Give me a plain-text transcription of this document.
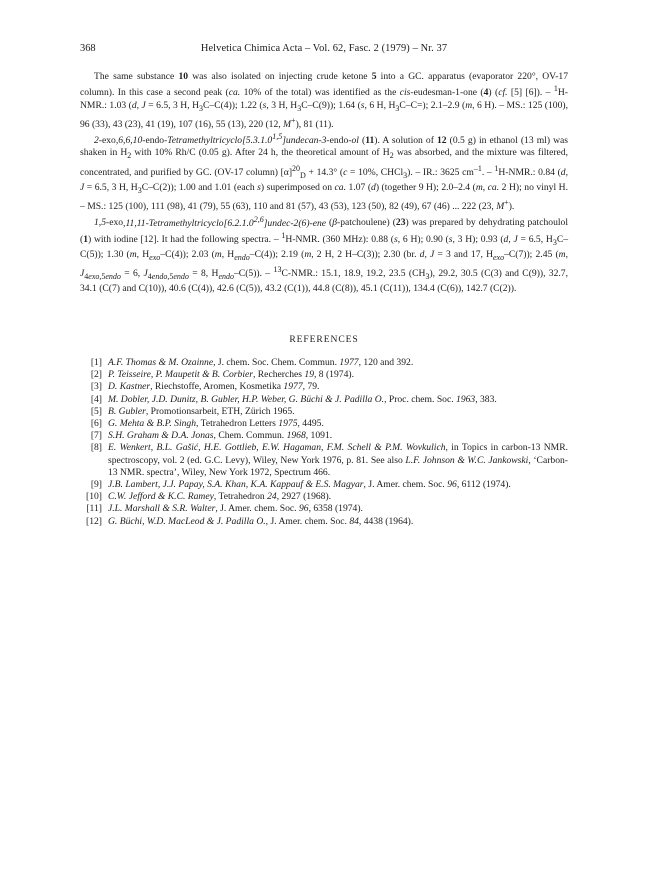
368	Helvetica Chimica Acta – Vol. 62, Fasc. 2 (1979) – Nr. 37

The same substance 10 was also isolated on injecting crude ketone 5 into a GC. apparatus (evaporator 220°, OV-17 column). In this case a second peak (ca. 10% of the total) was identified as the cis-eudesman-1-one (4) (cf. [5] [6]). – $^1$H-NMR.: 1.03 (d, J = 6.5, 3 H, $H_3C-C(4)$); 1.22 (s, 3 H, $H_3C-C(9)$); 1.64 (s, 6 H, $H_3C-C=$); 2.1–2.9 (m, 6 H). – MS.: 125 (100), 96 (33), 43 (23), 41 (19), 107 (16), 55 (13), 220 (12, M+), 81 (11).

2-exo,6,6,10-endo-Tetramethyltricyclo[5.3.1.0$^{1,5}$]undecan-3-endo-ol (11). A solution of 12 (0.5 g) in ethanol (13 ml) was shaken in $H_2$ with 10% Rh/C (0.05 g). After 24 h, the theoretical amount of $H_2$ was absorbed, and the mixture was filtered, concentrated, and purified by GC. (OV-17 column) $[\alpha]^{20}_D + 14.3^\circ$ (c = 10%, CHCl$_3$). – IR.: 3625 $cm^{-1}$. – $^1$H-NMR.: 0.84 (d, J = 6.5, 3 H, $H_3C-C(2)$); 1.00 and 1.01 (each s) superimposed on ca. 1.07 (d) (together 9 H); 2.0–2.4 (m, ca. 2 H); no vinyl H. – MS.: 125 (100), 111 (98), 41 (79), 55 (63), 110 and 81 (57), 43 (53), 123 (50), 82 (49), 67 (46) ... 222 (23, M+).

1,5-exo,11,11-Tetramethyltricyclo[6.2.1.0$^{2,6}$]undec-2(6)-ene (β-patchoulene) (23) was prepared by dehydrating patchoulol (1) with iodine [12]. It had the following spectra. – $^1$H-NMR. (360 MHz): 0.88 (s, 6 H); 0.90 (s, 3 H); 0.93 (d, J = 6.5, $H_3C-C(5)$); 1.30 (m, $H_{exo}-C(4)$); 2.03 (m, $H_{endo}-C(4)$); 2.19 (m, 2 H, 2 H–C(3)); 2.30 (br. d, J = 3 and 17, $H_{exo}-C(7)$); 2.45 (m, $J_{4exo,5endo} = 6$, $J_{4endo,5endo} = 8$, $H_{endo}-C(5)$). – $^{13}$C-NMR.: 15.1, 18.9, 19.2, 23.5 $(CH_3)$, 29.2, 30.5 (C(3) and C(9)), 32.7, 34.1 (C(7) and C(10)), 40.6 (C(4)), 42.6 (C(5)), 43.2 (C(1)), 44.8 (C(8)), 45.1 (C(11)), 134.4 (C(6)), 142.7 (C(2)).

REFERENCES
[1] A.F. Thomas & M. Ozainne, J. chem. Soc. Chem. Commun. 1977, 120 and 392.
[2] P. Teisseire, P. Maupetit & B. Corbier, Recherches 19, 8 (1974).
[3] D. Kastner, Riechstoffe, Aromen, Kosmetika 1977, 79.
[4] M. Dobler, J.D. Dunitz, B. Gubler, H.P. Weber, G. Büchi & J. Padilla O., Proc. chem. Soc. 1963, 383.
[5] B. Gubler, Promotionsarbeit, ETH, Zürich 1965.
[6] G. Mehta & B.P. Singh, Tetrahedron Letters 1975, 4495.
[7] S.H. Graham & D.A. Jonas, Chem. Commun. 1968, 1091.
[8] E. Wenkert, B.L. Gašić, H.E. Gottlieb, E.W. Hagaman, F.M. Schell & P.M. Wovkulich, in Topics in carbon-13 NMR. spectroscopy, vol. 2 (ed. G.C. Levy), Wiley, New York 1976, p. 81. See also L.F. Johnson & W.C. Jankowski, ‘Carbon-13 NMR. spectra’, Wiley, New York 1972, Spectrum 466.
[9] J.B. Lambert, J.J. Papay, S.A. Khan, K.A. Kappauf & E.S. Magyar, J. Amer. chem. Soc. 96, 6112 (1974).
[10] C.W. Jefford & K.C. Ramey, Tetrahedron 24, 2927 (1968).
[11] J.L. Marshall & S.R. Walter, J. Amer. chem. Soc. 96, 6358 (1974).
[12] G. Büchi, W.D. MacLeod & J. Padilla O., J. Amer. chem. Soc. 84, 4438 (1964).
